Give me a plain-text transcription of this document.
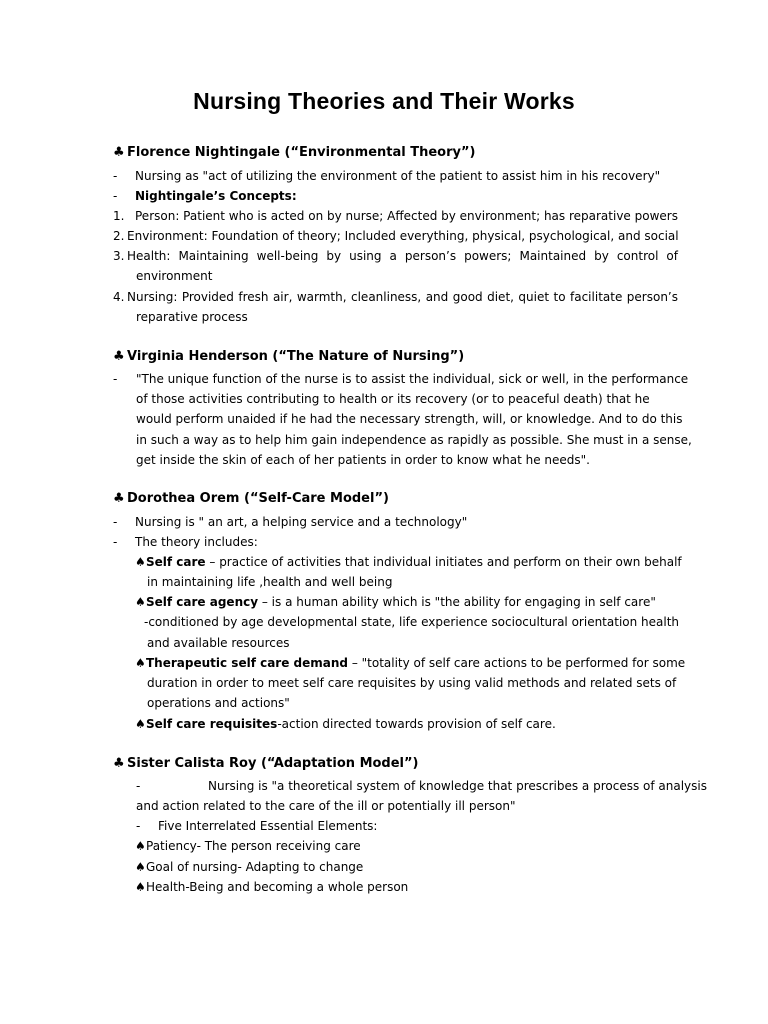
Nursing Theories and Their Works
♣ Florence Nightingale (“Environmental Theory”)
- Nursing as "act of utilizing the environment of the patient to assist him in his recovery"
- Nightingale’s Concepts:
1. Person: Patient who is acted on by nurse; Affected by environment; has reparative powers
2. Environment: Foundation of theory; Included everything, physical, psychological, and social
3. Health: Maintaining well-being by using a person’s powers; Maintained by control of
environment
4. Nursing: Provided fresh air, warmth, cleanliness, and good diet, quiet to facilitate person’s
reparative process
♣ Virginia Henderson (“The Nature of Nursing”)
- "The unique function of the nurse is to assist the individual, sick or well, in the performance
of those activities contributing to health or its recovery (or to peaceful death) that he
would perform unaided if he had the necessary strength, will, or knowledge. And to do this
in such a way as to help him gain independence as rapidly as possible. She must in a sense,
get inside the skin of each of her patients in order to know what he needs".
♣ Dorothea Orem (“Self-Care Model”)
- Nursing is " an art, a helping service and a technology"
- The theory includes:
♠Self care – practice of activities that individual initiates and perform on their own behalf
in maintaining life ,health and well being
♠Self care agency – is a human ability which is "the ability for engaging in self care"
-conditioned by age developmental state, life experience sociocultural orientation health
and available resources
♠Therapeutic self care demand – "totality of self care actions to be performed for some
duration in order to meet self care requisites by using valid methods and related sets of
operations and actions"
♠Self care requisites-action directed towards provision of self care.
♣ Sister Calista Roy (“Adaptation Model”)
-	Nursing is "a theoretical system of knowledge that prescribes a process of analysis
and action related to the care of the ill or potentially ill person"
- Five Interrelated Essential Elements:
♠Patiency- The person receiving care
♠Goal of nursing- Adapting to change
♠Health-Being and becoming a whole person
